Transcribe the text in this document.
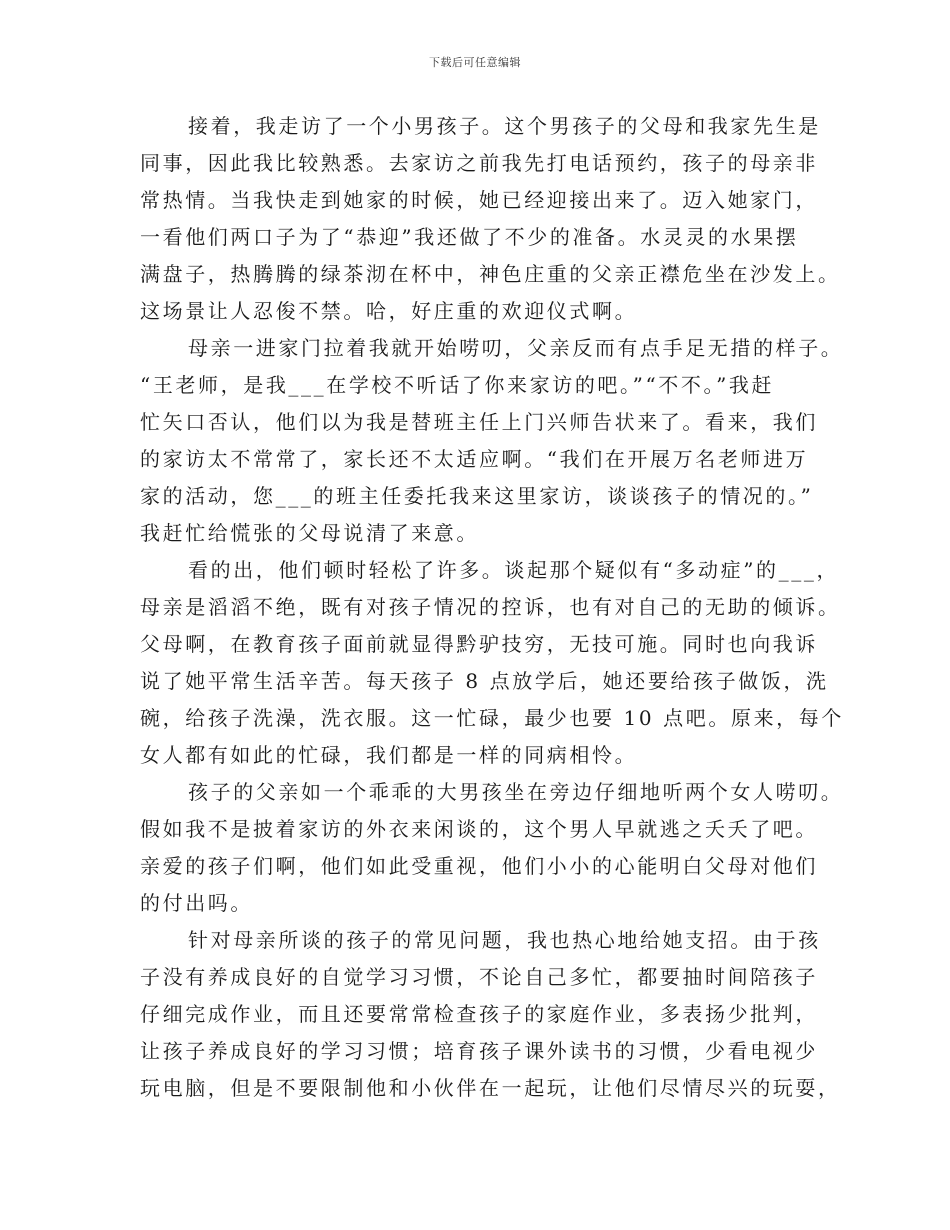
下载后可任意编辑
接着，我走访了一个小男孩子。这个男孩子的父母和我家先生是
同事，因此我比较熟悉。去家访之前我先打电话预约，孩子的母亲非
常热情。当我快走到她家的时候，她已经迎接出来了。迈入她家门，
一看他们两口子为了“恭迎”我还做了不少的准备。水灵灵的水果摆
满盘子，热腾腾的绿茶沏在杯中，神色庄重的父亲正襟危坐在沙发上。
这场景让人忍俊不禁。哈，好庄重的欢迎仪式啊。
母亲一进家门拉着我就开始唠叨，父亲反而有点手足无措的样子。
“王老师，是我___在学校不听话了你来家访的吧。”“不不。”我赶
忙矢口否认，他们以为我是替班主任上门兴师告状来了。看来，我们
的家访太不常常了，家长还不太适应啊。“我们在开展万名老师进万
家的活动，您___的班主任委托我来这里家访，谈谈孩子的情况的。”
我赶忙给慌张的父母说清了来意。
看的出，他们顿时轻松了许多。谈起那个疑似有“多动症”的___，
母亲是滔滔不绝，既有对孩子情况的控诉，也有对自己的无助的倾诉。
父母啊，在教育孩子面前就显得黔驴技穷，无技可施。同时也向我诉
说了她平常生活辛苦。每天孩子 8 点放学后，她还要给孩子做饭，洗
碗，给孩子洗澡，洗衣服。这一忙碌，最少也要 10 点吧。原来，每个
女人都有如此的忙碌，我们都是一样的同病相怜。
孩子的父亲如一个乖乖的大男孩坐在旁边仔细地听两个女人唠叨。
假如我不是披着家访的外衣来闲谈的，这个男人早就逃之夭夭了吧。
亲爱的孩子们啊，他们如此受重视，他们小小的心能明白父母对他们
的付出吗。
针对母亲所谈的孩子的常见问题，我也热心地给她支招。由于孩
子没有养成良好的自觉学习习惯，不论自己多忙，都要抽时间陪孩子
仔细完成作业，而且还要常常检查孩子的家庭作业，多表扬少批判，
让孩子养成良好的学习习惯；培育孩子课外读书的习惯，少看电视少
玩电脑，但是不要限制他和小伙伴在一起玩，让他们尽情尽兴的玩耍，
